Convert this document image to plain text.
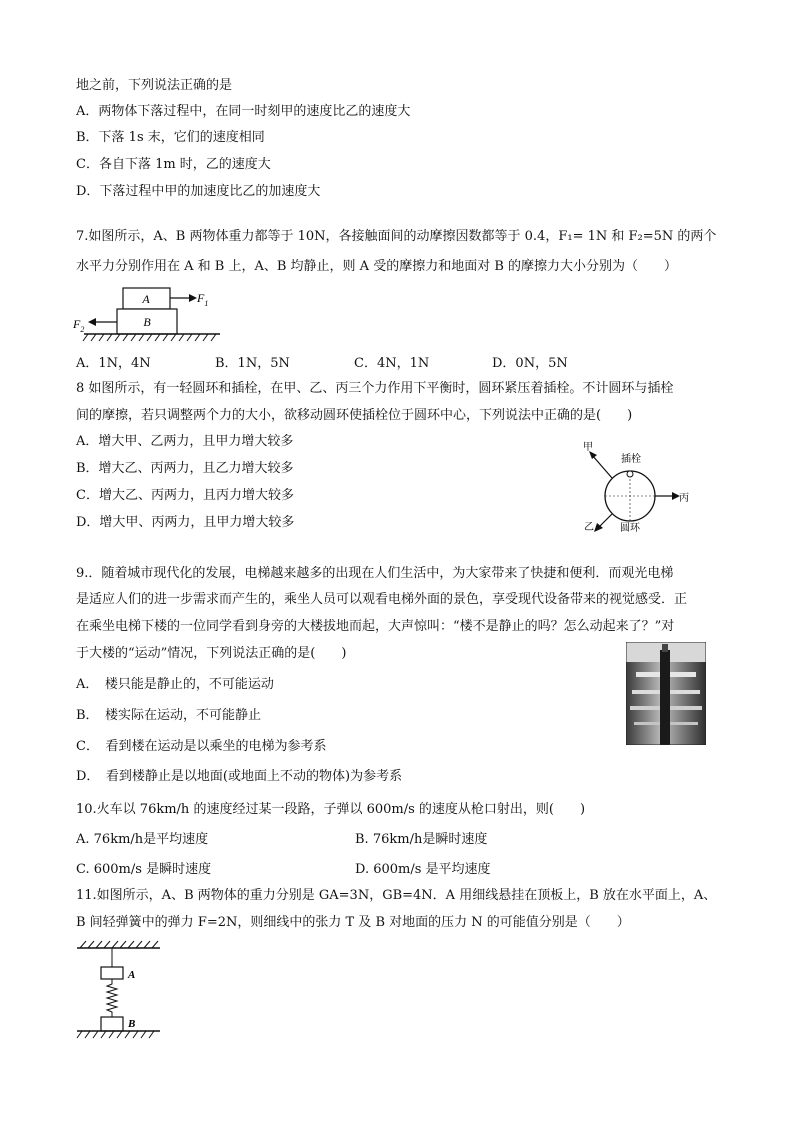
地之前，下列说法正确的是
A．两物体下落过程中，在同一时刻甲的速度比乙的速度大
B．下落 1s 末，它们的速度相同
C．各自下落 1m 时，乙的速度大
D．下落过程中甲的加速度比乙的加速度大
7.如图所示，A、B 两物体重力都等于 10N，各接触面间的动摩擦因数都等于 0.4，F₁= 1N 和 F₂=5N 的两个
水平力分别作用在 A 和 B 上，A、B 均静止，则 A 受的摩擦力和地面对 B 的摩擦力大小分别为（　　）
A
B
$F_1$
$F_2$
A．1N，4N	B．1N，5N	C．4N，1N	D．0N，5N
8 如图所示，有一轻圆环和插栓，在甲、乙、丙三个力作用下平衡时，圆环紧压着插栓。不计圆环与插栓
间的摩擦，若只调整两个力的大小，欲移动圆环使插栓位于圆环中心，下列说法中正确的是(　　)
A．增大甲、乙两力，且甲力增大较多
B．增大乙、丙两力，且乙力增大较多
C．增大乙、丙两力，且丙力增大较多
D．增大甲、丙两力，且甲力增大较多
插栓
甲
丙
乙	圆环
9.．随着城市现代化的发展，电梯越来越多的出现在人们生活中，为大家带来了快捷和便利．而观光电梯
是适应人们的进一步需求而产生的，乘坐人员可以观看电梯外面的景色，享受现代设备带来的视觉感受．正
在乘坐电梯下楼的一位同学看到身旁的大楼拔地而起，大声惊叫：“楼不是静止的吗？怎么动起来了？”对
于大楼的“运动”情况，下列说法正确的是(　　)
A．　楼只能是静止的，不可能运动
B．　楼实际在运动，不可能静止
C．　看到楼在运动是以乘坐的电梯为参考系
D．　看到楼静止是以地面(或地面上不动的物体)为参考系
10.火车以 76km/h 的速度经过某一段路，子弹以 600m/s 的速度从枪口射出，则(　　)
A. 76km/h是平均速度	B. 76km/h是瞬时速度
C. 600m/s 是瞬时速度	D. 600m/s 是平均速度
11.如图所示，A、B 两物体的重力分别是 GA=3N，GB=4N．A 用细线悬挂在顶板上，B 放在水平面上，A、
B 间轻弹簧中的弹力 F=2N，则细线中的张力 T 及 B 对地面的压力 N 的可能值分别是（　　）
A
B
